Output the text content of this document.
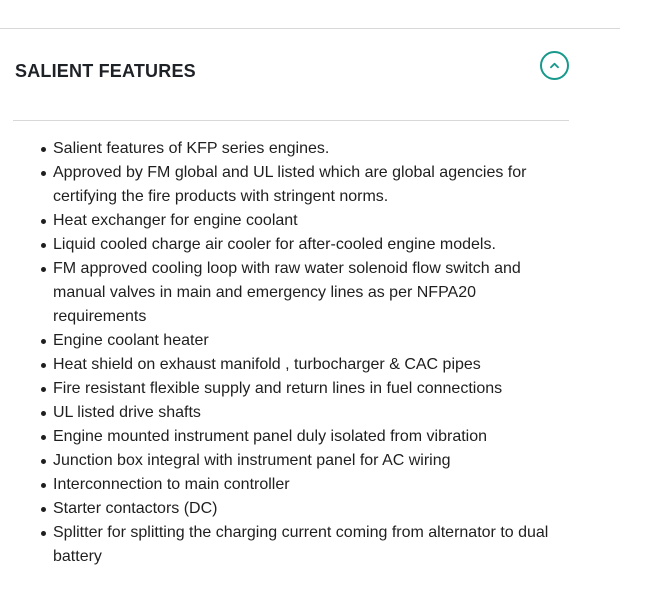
SALIENT FEATURES
Salient features of KFP series engines.
Approved by FM global and UL listed which are global agencies for certifying the fire products with stringent norms.
Heat exchanger for engine coolant
Liquid cooled charge air cooler for after-cooled engine models.
FM approved cooling loop with raw water solenoid flow switch and manual valves in main and emergency lines as per NFPA20 requirements
Engine coolant heater
Heat shield on exhaust manifold , turbocharger & CAC pipes
Fire resistant flexible supply and return lines in fuel connections
UL listed drive shafts
Engine mounted instrument panel duly isolated from vibration
Junction box integral with instrument panel for AC wiring
Interconnection to main controller
Starter contactors (DC)
Splitter for splitting the charging current coming from alternator to dual battery
